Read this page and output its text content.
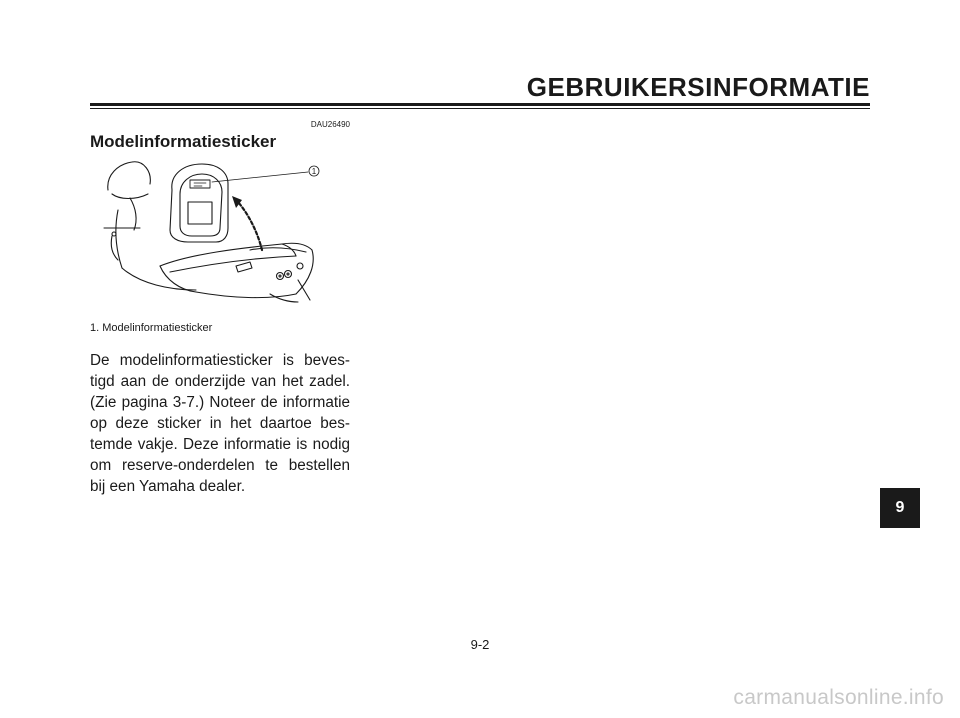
GEBRUIKERSINFORMATIE
DAU26490
Modelinformatiesticker
1
1. Modelinformatiesticker

De modelinformatiesticker is beves-tigd aan de onderzijde van het zadel. (Zie pagina 3-7.) Noteer de informatie op deze sticker in het daartoe bes-temde vakje. Deze informatie is nodig om reserve-onderdelen te bestellen bij een Yamaha dealer.

9
9-2
carmanualsonline.info
